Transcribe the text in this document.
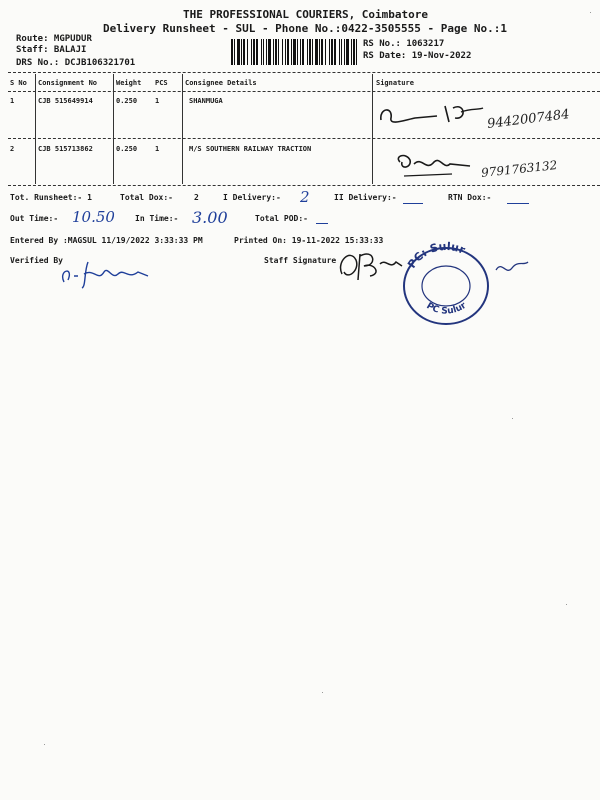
THE PROFESSIONAL COURIERS, Coimbatore
Delivery Runsheet - SUL - Phone No.:0422-3505555 - Page No.:1
Route: MGPUDUR
Staff: BALAJI
DRS No.: DCJB106321701
RS No.: 1063217
RS Date: 19-Nov-2022
S No Consignment No	Weight PCS Consignee Details	Signature
1	CJB 515649914	0.250	1	SHANMUGA
9442007484
2	CJB 515713862	0.250	1	M/S SOUTHERN RAILWAY TRACTION
9791763132
Tot. Runsheet:- 1	Total Dox:-	2	I Delivery:- 2	II Delivery:-	RTN Dox:-
Out Time:- 10.50	In Time:- 3.00	Total POD:-
Entered By :MAGSUL 11/19/2022 3:33:33 PM	Printed On: 19-11-2022 15:33:33
Verified By	Staff Signature	PC: Sulur
PC Sulur
